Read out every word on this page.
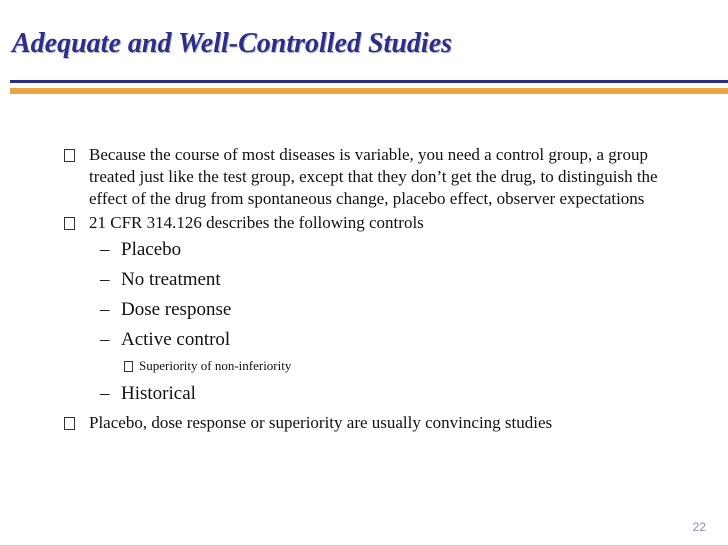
Adequate and Well-Controlled Studies
Because the course of most diseases is variable, you need a control group, a group treated just like the test group, except that they don’t get the drug, to distinguish the effect of the drug from spontaneous change, placebo effect, observer expectations
21 CFR 314.126 describes the following controls
– Placebo
– No treatment
– Dose response
– Active control
Superiority of non-inferiority
– Historical
Placebo, dose response or superiority are usually convincing studies
22
